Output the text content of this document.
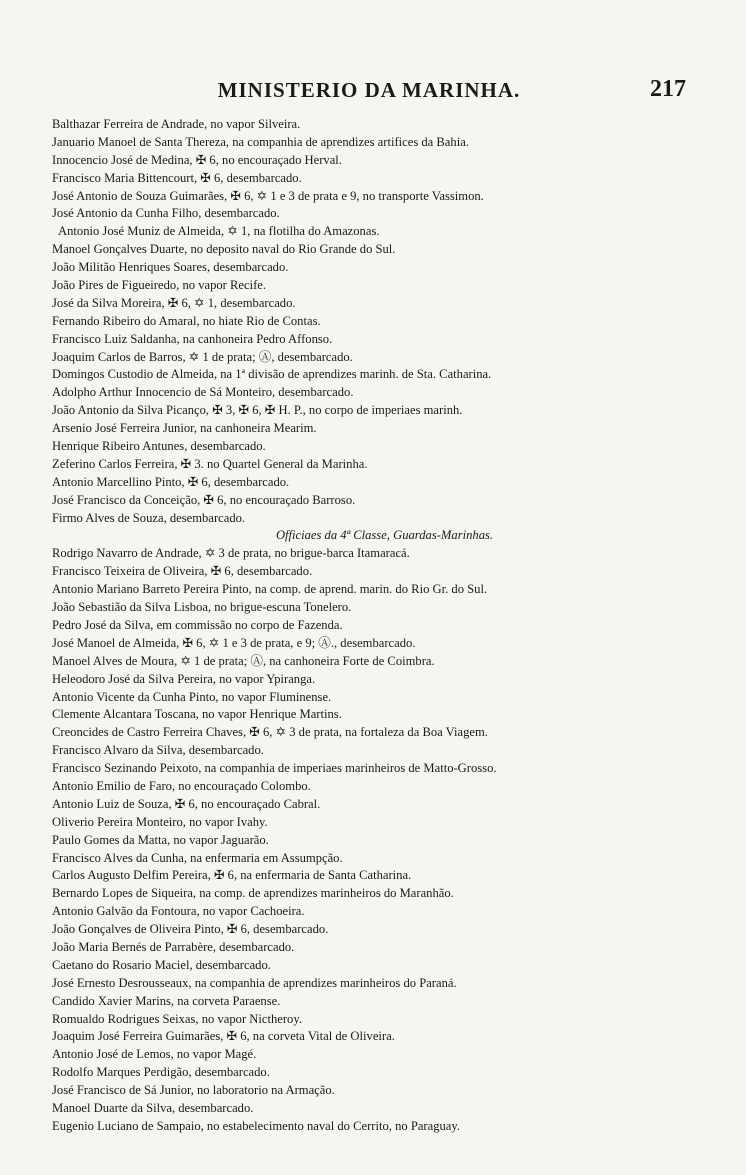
MINISTERIO DA MARINHA.	217
Balthazar Ferreira de Andrade, no vapor Silveira.
Januario Manoel de Santa Thereza, na companhia de aprendizes artifices da Bahia.
Innocencio José de Medina, ✠ 6, no encouraçado Herval.
Francisco Maria Bittencourt, ✠ 6, desembarcado.
José Antonio de Souza Guimarães, ✠ 6, ✡ 1 e 3 de prata e 9, no transporte Vassimon.
José Antonio da Cunha Filho, desembarcado.
Antonio José Muniz de Almeida, ✡ 1, na flotilha do Amazonas.
Manoel Gonçalves Duarte, no deposito naval do Rio Grande do Sul.
João Militão Henriques Soares, desembarcado.
João Pires de Figueiredo, no vapor Recife.
José da Silva Moreira, ✠ 6, ✡ 1, desembarcado.
Fernando Ribeiro do Amaral, no hiate Rio de Contas.
Francisco Luiz Saldanha, na canhoneira Pedro Affonso.
Joaquim Carlos de Barros, ✡ 1 de prata; Ⓐ, desembarcado.
Domingos Custodio de Almeida, na 1ª divisão de aprendizes marinh. de Sta. Catharina.
Adolpho Arthur Innocencio de Sá Monteiro, desembarcado.
João Antonio da Silva Picanço, ✠ 3, ✠ 6, ✠ H. P., no corpo de imperiaes marinh.
Arsenio José Ferreira Junior, na canhoneira Mearim.
Henrique Ribeiro Antunes, desembarcado.
Zeferino Carlos Ferreira, ✠ 3. no Quartel General da Marinha.
Antonio Marcellino Pinto, ✠ 6, desembarcado.
José Francisco da Conceição, ✠ 6, no encouraçado Barroso.
Firmo Alves de Souza, desembarcado.
Officiaes da 4ª Classe, Guardas-Marinhas.
Rodrigo Navarro de Andrade, ✡ 3 de prata, no brigue-barca Itamaracá.
Francisco Teixeira de Oliveira, ✠ 6, desembarcado.
Antonio Mariano Barreto Pereira Pinto, na comp. de aprend. marin. do Rio Gr. do Sul.
João Sebastião da Silva Lisboa, no brigue-escuna Tonelero.
Pedro José da Silva, em commissão no corpo de Fazenda.
José Manoel de Almeida, ✠ 6, ✡ 1 e 3 de prata, e 9; Ⓐ., desembarcado.
Manoel Alves de Moura, ✡ 1 de prata; Ⓐ, na canhoneira Forte de Coimbra.
Heleodoro José da Silva Pereira, no vapor Ypiranga.
Antonio Vicente da Cunha Pinto, no vapor Fluminense.
Clemente Alcantara Toscana, no vapor Henrique Martins.
Creoncides de Castro Ferreira Chaves, ✠ 6, ✡ 3 de prata, na fortaleza da Boa Viagem.
Francisco Alvaro da Silva, desembarcado.
Francisco Sezinando Peixoto, na companhia de imperiaes marinheiros de Matto-Grosso.
Antonio Emilio de Faro, no encouraçado Colombo.
Antonio Luiz de Souza, ✠ 6, no encouraçado Cabral.
Oliverio Pereira Monteiro, no vapor Ivahy.
Paulo Gomes da Matta, no vapor Jaguarão.
Francisco Alves da Cunha, na enfermaria em Assumpção.
Carlos Augusto Delfim Pereira, ✠ 6, na enfermaria de Santa Catharina.
Bernardo Lopes de Siqueira, na comp. de aprendizes marinheiros do Maranhão.
Antonio Galvão da Fontoura, no vapor Cachoeira.
João Gonçalves de Oliveira Pinto, ✠ 6, desembarcado.
João Maria Bernés de Parrabère, desembarcado.
Caetano do Rosario Maciel, desembarcado.
José Ernesto Desrousseaux, na companhia de aprendizes marinheiros do Paraná.
Candido Xavier Marins, na corveta Paraense.
Romualdo Rodrigues Seixas, no vapor Nictheroy.
Joaquim José Ferreira Guimarães, ✠ 6, na corveta Vital de Oliveira.
Antonio José de Lemos, no vapor Magé.
Rodolfo Marques Perdigão, desembarcado.
José Francisco de Sá Junior, no laboratorio na Armação.
Manoel Duarte da Silva, desembarcado.
Eugenio Luciano de Sampaio, no estabelecimento naval do Cerrito, no Paraguay.
